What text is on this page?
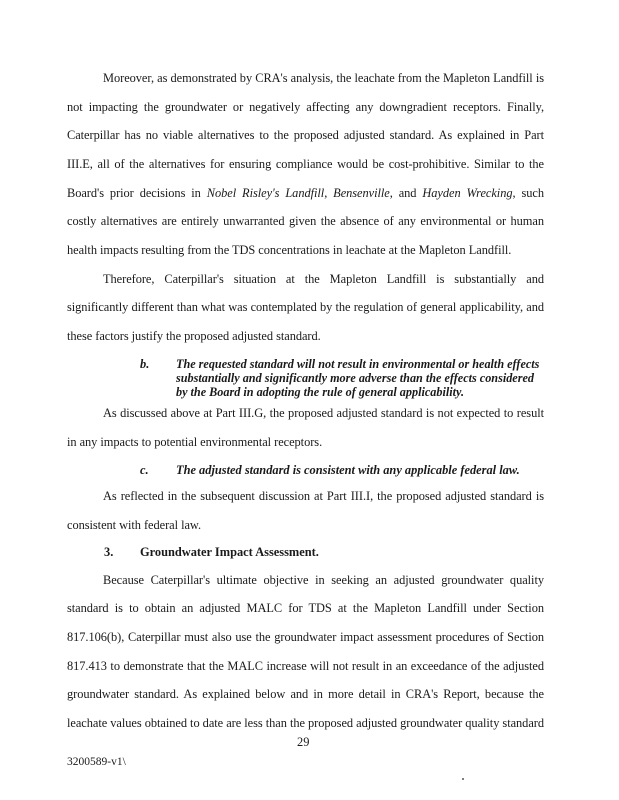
Moreover, as demonstrated by CRA's analysis, the leachate from the Mapleton Landfill is
not impacting the groundwater or negatively affecting any downgradient receptors. Finally,
Caterpillar has no viable alternatives to the proposed adjusted standard. As explained in Part
III.E, all of the alternatives for ensuring compliance would be cost-prohibitive. Similar to the
Board's prior decisions in Nobel Risley's Landfill, Bensenville, and Hayden Wrecking, such
costly alternatives are entirely unwarranted given the absence of any environmental or human
health impacts resulting from the TDS concentrations in leachate at the Mapleton Landfill.
Therefore, Caterpillar's situation at the Mapleton Landfill is substantially and
significantly different than what was contemplated by the regulation of general applicability, and
these factors justify the proposed adjusted standard.
b. The requested standard will not result in environmental or health effects
substantially and significantly more adverse than the effects considered
by the Board in adopting the rule of general applicability.
As discussed above at Part III.G, the proposed adjusted standard is not expected to result
in any impacts to potential environmental receptors.
c. The adjusted standard is consistent with any applicable federal law.
As reflected in the subsequent discussion at Part III.I, the proposed adjusted standard is
consistent with federal law.
3. Groundwater Impact Assessment.
Because Caterpillar's ultimate objective in seeking an adjusted groundwater quality
standard is to obtain an adjusted MALC for TDS at the Mapleton Landfill under Section
817.106(b), Caterpillar must also use the groundwater impact assessment procedures of Section
817.413 to demonstrate that the MALC increase will not result in an exceedance of the adjusted
groundwater standard. As explained below and in more detail in CRA's Report, because the
leachate values obtained to date are less than the proposed adjusted groundwater quality standard
29
3200589-v1\
